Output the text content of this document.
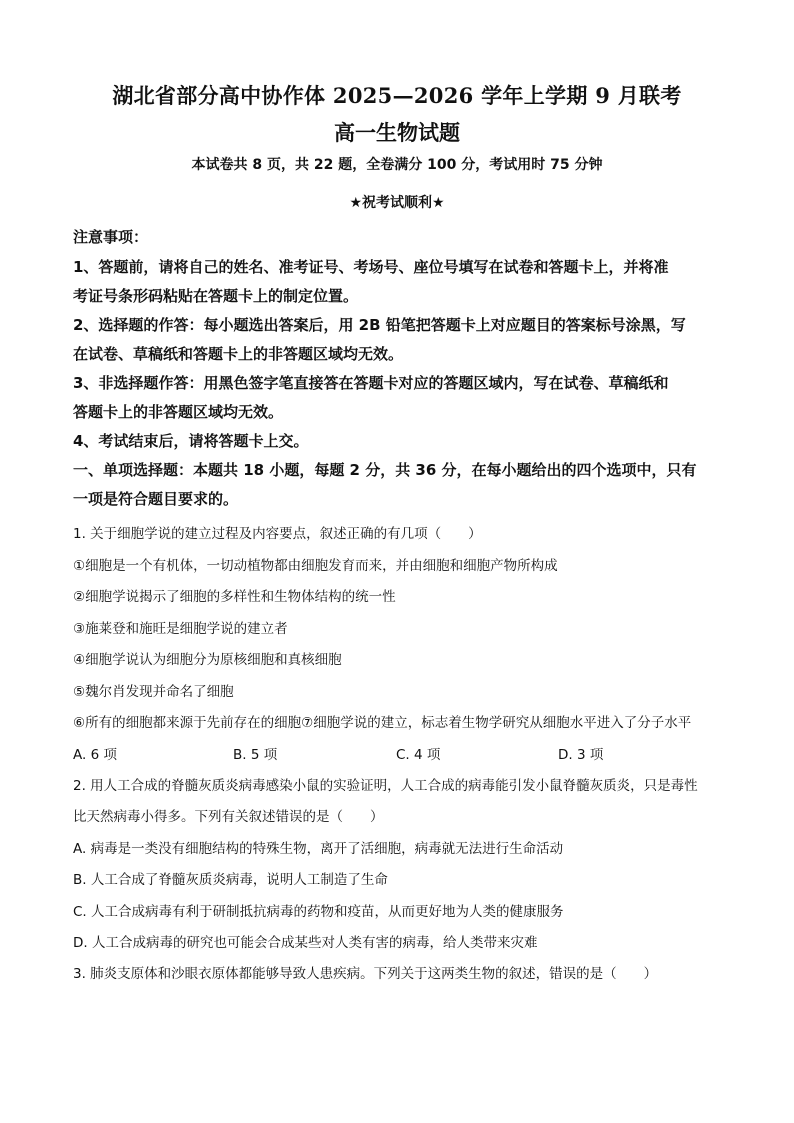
湖北省部分高中协作体 2025—2026 学年上学期 9 月联考
高一生物试题
本试卷共 8 页，共 22 题，全卷满分 100 分，考试用时 75 分钟
★祝考试顺利★
注意事项：
1、答题前，请将自己的姓名、准考证号、考场号、座位号填写在试卷和答题卡上，并将准
考证号条形码粘贴在答题卡上的制定位置。
2、选择题的作答：每小题选出答案后，用 2B 铅笔把答题卡上对应题目的答案标号涂黑，写
在试卷、草稿纸和答题卡上的非答题区域均无效。
3、非选择题作答：用黑色签字笔直接答在答题卡对应的答题区域内，写在试卷、草稿纸和
答题卡上的非答题区域均无效。
4、考试结束后，请将答题卡上交。
一、单项选择题：本题共 18 小题，每题 2 分，共 36 分，在每小题给出的四个选项中，只有
一项是符合题目要求的。
1. 关于细胞学说的建立过程及内容要点，叙述正确的有几项（　　）
①细胞是一个有机体，一切动植物都由细胞发育而来，并由细胞和细胞产物所构成
②细胞学说揭示了细胞的多样性和生物体结构的统一性
③施莱登和施旺是细胞学说的建立者
④细胞学说认为细胞分为原核细胞和真核细胞
⑤魏尔肖发现并命名了细胞
⑥所有的细胞都来源于先前存在的细胞⑦细胞学说的建立，标志着生物学研究从细胞水平进入了分子水平
A. 6 项	B. 5 项	C. 4 项	D. 3 项
2. 用人工合成的脊髓灰质炎病毒感染小鼠的实验证明，人工合成的病毒能引发小鼠脊髓灰质炎，只是毒性
比天然病毒小得多。下列有关叙述错误的是（　　）
A. 病毒是一类没有细胞结构的特殊生物，离开了活细胞，病毒就无法进行生命活动
B. 人工合成了脊髓灰质炎病毒，说明人工制造了生命
C. 人工合成病毒有利于研制抵抗病毒的药物和疫苗，从而更好地为人类的健康服务
D. 人工合成病毒的研究也可能会合成某些对人类有害的病毒，给人类带来灾难
3. 肺炎支原体和沙眼衣原体都能够导致人患疾病。下列关于这两类生物的叙述，错误的是（　　）
